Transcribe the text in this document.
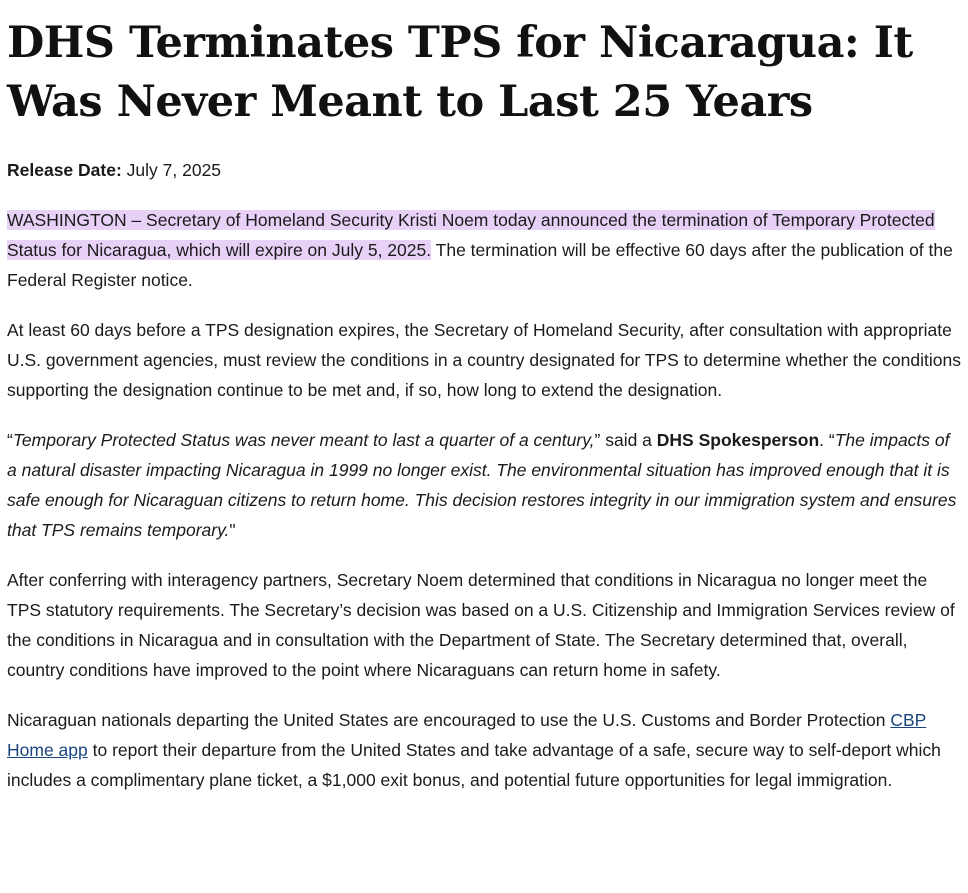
DHS Terminates TPS for Nicaragua: It Was Never Meant to Last 25 Years
Release Date: July 7, 2025

WASHINGTON – Secretary of Homeland Security Kristi Noem today announced the termination of Temporary Protected Status for Nicaragua, which will expire on July 5, 2025. The termination will be effective 60 days after the publication of the Federal Register notice.

At least 60 days before a TPS designation expires, the Secretary of Homeland Security, after consultation with appropriate U.S. government agencies, must review the conditions in a country designated for TPS to determine whether the conditions supporting the designation continue to be met and, if so, how long to extend the designation.

“Temporary Protected Status was never meant to last a quarter of a century,” said a DHS Spokesperson. “The impacts of a natural disaster impacting Nicaragua in 1999 no longer exist. The environmental situation has improved enough that it is safe enough for Nicaraguan citizens to return home. This decision restores integrity in our immigration system and ensures that TPS remains temporary."

After conferring with interagency partners, Secretary Noem determined that conditions in Nicaragua no longer meet the TPS statutory requirements. The Secretary’s decision was based on a U.S. Citizenship and Immigration Services review of the conditions in Nicaragua and in consultation with the Department of State. The Secretary determined that, overall, country conditions have improved to the point where Nicaraguans can return home in safety.

Nicaraguan nationals departing the United States are encouraged to use the U.S. Customs and Border Protection CBP Home app to report their departure from the United States and take advantage of a safe, secure way to self-deport which includes a complimentary plane ticket, a $1,000 exit bonus, and potential future opportunities for legal immigration.
